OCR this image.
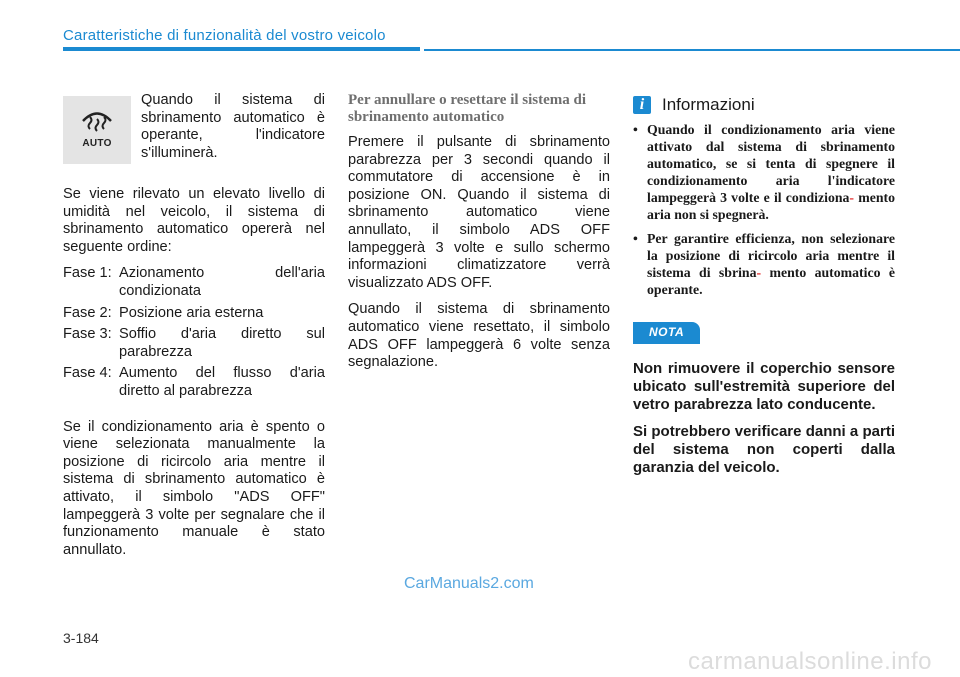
Caratteristiche di funzionalità del vostro veicolo
AUTO
Quando il sistema di sbrinamento automatico è operante, l'indicatore s'illuminerà.

Se viene rilevato un elevato livello di umidità nel veicolo, il sistema di sbrinamento automatico opererà nel seguente ordine:

Fase 1: Azionamento dell'aria condizionata
Fase 2: Posizione aria esterna
Fase 3: Soffio d'aria diretto sul parabrezza
Fase 4: Aumento del flusso d'aria diretto al parabrezza

Se il condizionamento aria è spento o viene selezionata manualmente la posizione di ricircolo aria mentre il sistema di sbrinamento automatico è attivato, il simbolo "ADS OFF" lampeggerà 3 volte per segnalare che il funzionamento manuale è stato annullato.

Per annullare o resettare il sistema di sbrinamento automatico

Premere il pulsante di sbrinamento parabrezza per 3 secondi quando il commutatore di accensione è in posizione ON. Quando il sistema di sbrinamento automatico viene annullato, il simbolo ADS OFF lampeggerà 3 volte e sullo schermo informazioni climatizzatore verrà visualizzato ADS OFF.

Quando il sistema di sbrinamento automatico viene resettato, il simbolo ADS OFF lampeggerà 6 volte senza segnalazione.

i	Informazioni
• Quando il condizionamento aria viene attivato dal sistema di sbrinamento automatico, se si tenta di spegnere il condizionamento aria l'indicatore lampeggerà 3 volte e il condiziona- mento aria non si spegnerà.
• Per garantire efficienza, non selezionare la posizione di ricircolo aria mentre il sistema di sbrina- mento automatico è operante.
NOTA
Non rimuovere il coperchio sensore ubicato sull'estremità superiore del vetro parabrezza lato conducente.
Si potrebbero verificare danni a parti del sistema non coperti dalla garanzia del veicolo.
CarManuals2.com
3-184
carmanualsonline.info
